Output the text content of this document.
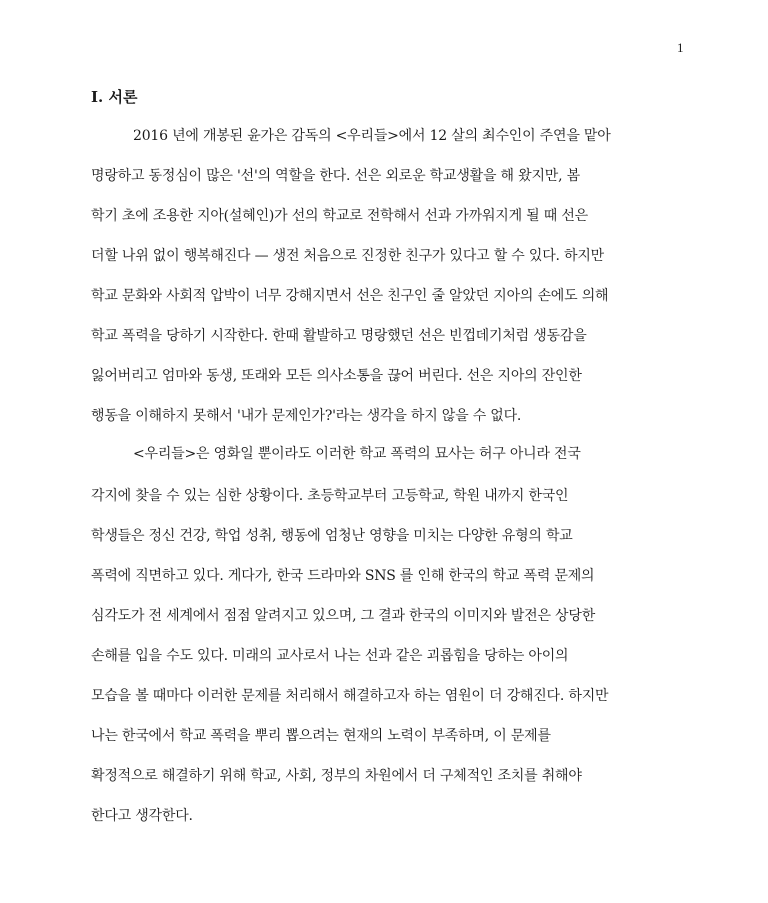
1
I. 서론
2016 년에 개봉된 윤가은 감독의 <우리들>에서 12 살의 최수인이 주연을 맡아
명랑하고 동정심이 많은 '선'의 역할을 한다. 선은 외로운 학교생활을 해 왔지만, 봄
학기 초에 조용한 지아(설혜인)가 선의 학교로 전학해서 선과 가까워지게 될 때 선은
더할 나위 없이 행복해진다 — 생전 처음으로 진정한 친구가 있다고 할 수 있다. 하지만
학교 문화와 사회적 압박이 너무 강해지면서 선은 친구인 줄 알았던 지아의 손에도 의해
학교 폭력을 당하기 시작한다. 한때 활발하고 명랑했던 선은 빈껍데기처럼 생동감을
잃어버리고 엄마와 동생, 또래와 모든 의사소통을 끊어 버린다. 선은 지아의 잔인한
행동을 이해하지 못해서 '내가 문제인가?'라는 생각을 하지 않을 수 없다.
<우리들>은 영화일 뿐이라도 이러한 학교 폭력의 묘사는 허구 아니라 전국
각지에 찾을 수 있는 심한 상황이다. 초등학교부터 고등학교, 학원 내까지 한국인
학생들은 정신 건강, 학업 성취, 행동에 엄청난 영향을 미치는 다양한 유형의 학교
폭력에 직면하고 있다. 게다가, 한국 드라마와 SNS 를 인해 한국의 학교 폭력 문제의
심각도가 전 세계에서 점점 알려지고 있으며, 그 결과 한국의 이미지와 발전은 상당한
손해를 입을 수도 있다. 미래의 교사로서 나는 선과 같은 괴롭힘을 당하는 아이의
모습을 볼 때마다 이러한 문제를 처리해서 해결하고자 하는 염원이 더 강해진다. 하지만
나는 한국에서 학교 폭력을 뿌리 뽑으려는 현재의 노력이 부족하며, 이 문제를
확정적으로 해결하기 위해 학교, 사회, 정부의 차원에서 더 구체적인 조치를 취해야
한다고 생각한다.
